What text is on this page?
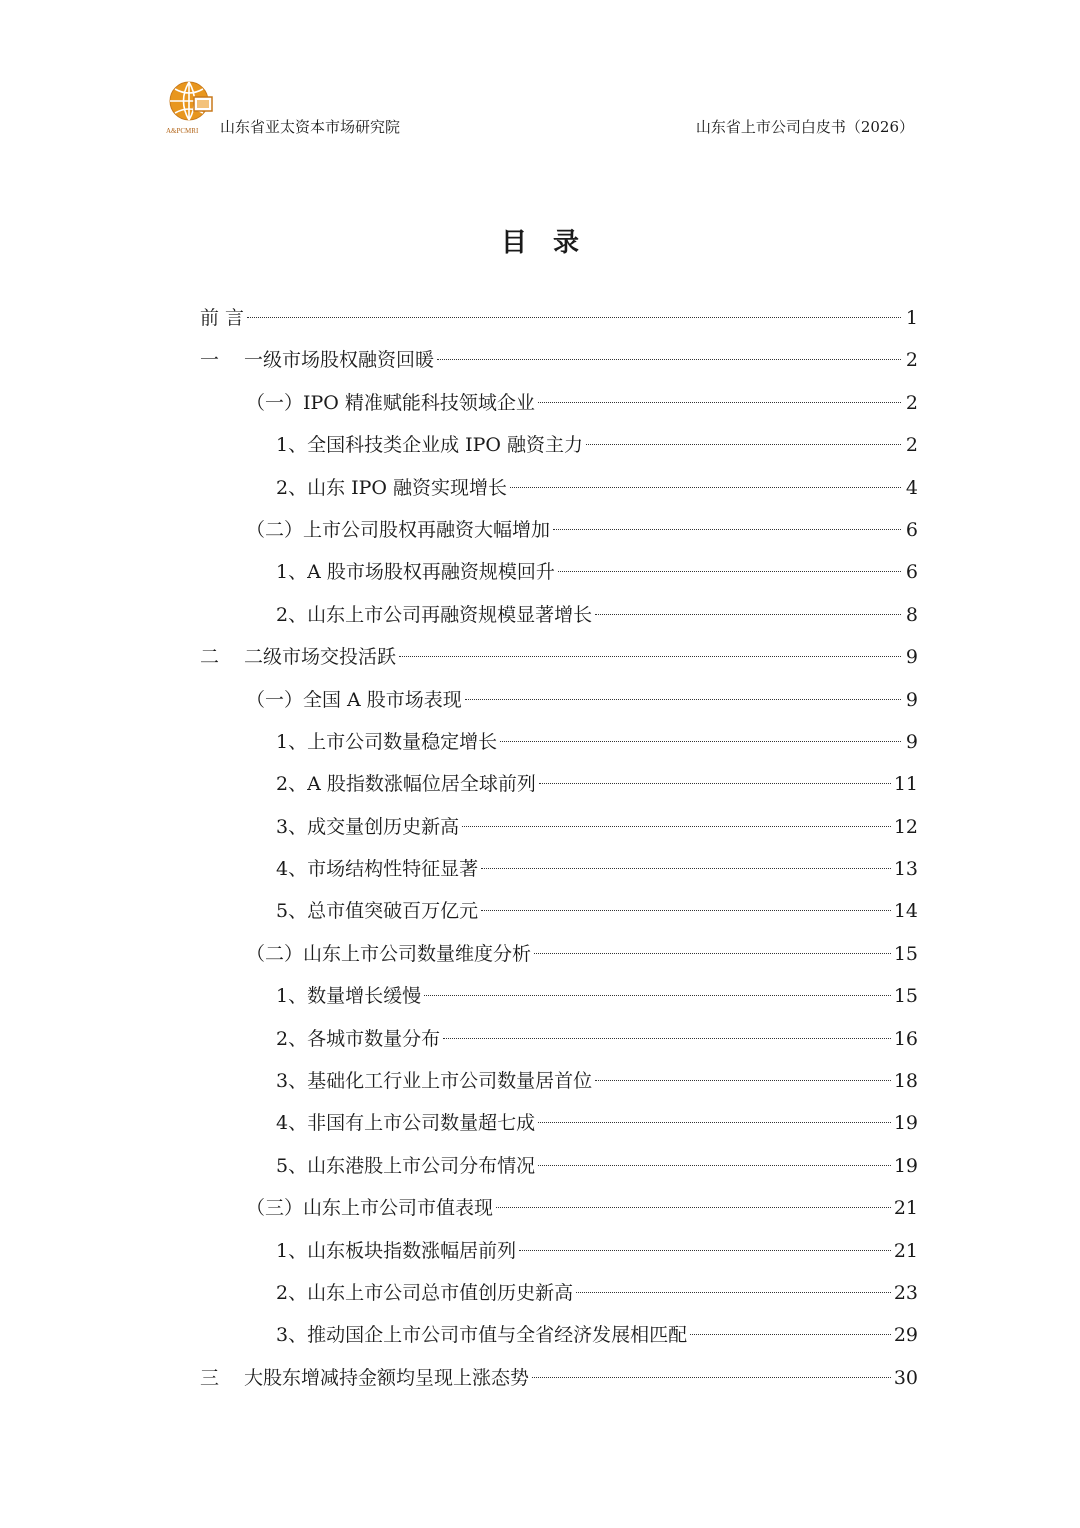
A&PCMRI 山东省亚太资本市场研究院	山东省上市公司白皮书（2026）
目录
前 言	1
一	一级市场股权融资回暖	2
（一）IPO 精准赋能科技领域企业	2
1、全国科技类企业成 IPO 融资主力	2
2、山东 IPO 融资实现增长	4
（二）上市公司股权再融资大幅增加	6
1、A 股市场股权再融资规模回升	6
2、山东上市公司再融资规模显著增长	8
二	二级市场交投活跃	9
（一）全国 A 股市场表现	9
1、上市公司数量稳定增长	9
2、A 股指数涨幅位居全球前列	11
3、成交量创历史新高	12
4、市场结构性特征显著	13
5、总市值突破百万亿元	14
（二）山东上市公司数量维度分析	15
1、数量增长缓慢	15
2、各城市数量分布	16
3、基础化工行业上市公司数量居首位	18
4、非国有上市公司数量超七成	19
5、山东港股上市公司分布情况	19
（三）山东上市公司市值表现	21
1、山东板块指数涨幅居前列	21
2、山东上市公司总市值创历史新高	23
3、推动国企上市公司市值与全省经济发展相匹配	29
三	大股东增减持金额均呈现上涨态势	30
